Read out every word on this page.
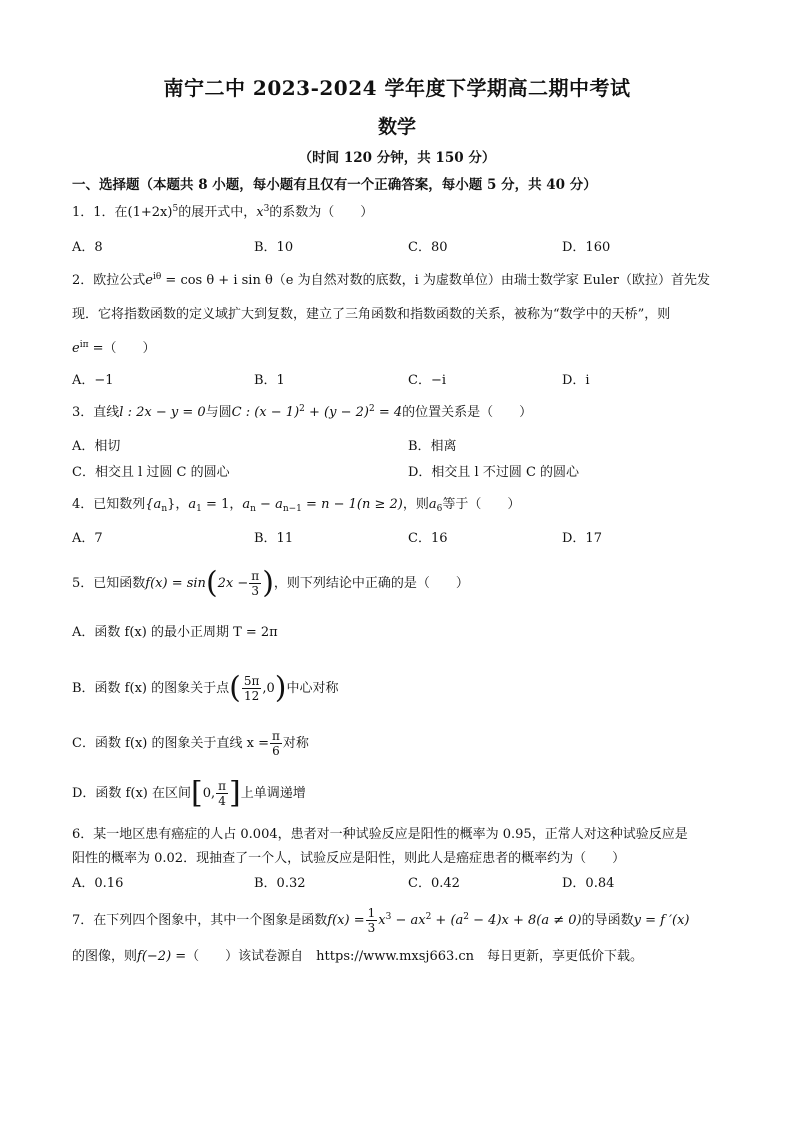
南宁二中 2023-2024 学年度下学期高二期中考试
数学
（时间 120 分钟，共 150 分）
一、选择题（本题共 8 小题，每小题有且仅有一个正确答案，每小题 5 分，共 40 分）
1．1．在$(1+2x)^5$的展开式中，$x^3$的系数为（　　）
A．8	B．10	C．80	D．160
2．欧拉公式$e^{i\theta} = \cos \theta + i$ sin θ（e 为自然对数的底数，i 为虚数单位）由瑞士数学家 Euler（欧拉）首先发
现．它将指数函数的定义域扩大到复数，建立了三角函数和指数函数的关系，被称为“数学中的天桥”，则
$e^{i\pi}$ =（　　）
A．−1	B．1	C．−i	D．i
3．直线l : 2x − y = 0与圆C : $(x - 1)^2 + (y - 2)^2 = 4$的位置关系是（　　）
A．相切	B．相离
C．相交且 l 过圆 C 的圆心	D．相交且 l 不过圆 C 的圆心
4．已知数列$\{a_n\}$，$a_1 = 1$，$a_n - a_{n-1} = n - 1(n \ge 2)$，则$a_6$等于（　　）
A．7	B．11	C．16	D．17
5．已知函数$f(x) = \sin(2x - \frac{\pi}{3}$ )，则下列结论中正确的是（　　）
A．函数 f(x) 的最小正周期 T = 2π
B．函数 f(x) 的图象关于点( $\frac{5\pi}{12} ,0$)中心对称
C．函数 f(x) 的图象关于直线 $x = \frac{\pi}{6}$ 对称
D．函数 f(x) 在区间[0, $\frac{\pi}{4}$ ]上单调递增
6．某一地区患有癌症的人占 0.004，患者对一种试验反应是阳性的概率为 0.95，正常人对这种试验反应是
阳性的概率为 0.02．现抽查了一个人，试验反应是阳性，则此人是癌症患者的概率约为（　　）
A．0.16	B．0.32	C．0.42	D．0.84
7．在下列四个图象中，其中一个图象是函数$f(x) = \frac{1}{3} x^3 - ax^2 + (a^2 - 4)x + 8(a \ne 0)$的导函数y = f ′(x)
的图像，则f(−2) =（　　）该试卷源自　https://www.mxsj663.cn　每日更新，享更低价下载。
